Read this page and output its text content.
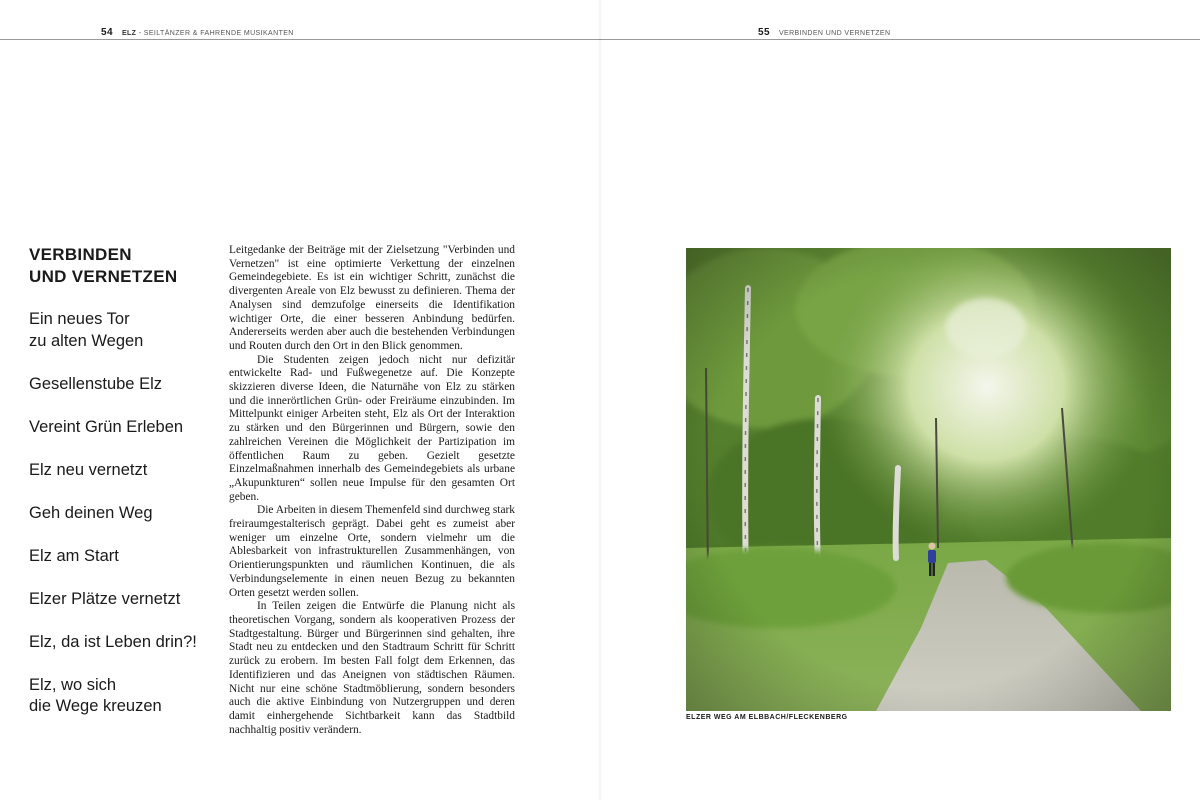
54 ELZ - SEILTÄNZER & FAHRENDE MUSIKANTEN
VERBINDEN
UND VERNETZEN
Ein neues Tor
zu alten Wegen
Gesellenstube Elz
Vereint Grün Erleben
Elz neu vernetzt
Geh deinen Weg
Elz am Start
Elzer Plätze vernetzt
Elz, da ist Leben drin?!
Elz, wo sich
die Wege kreuzen

Leitgedanke der Beiträge mit der Zielsetzung "Verbinden und Vernetzen" ist eine optimierte Verkettung der einzelnen Gemeindegebiete. Es ist ein wichtiger Schritt, zunächst die divergenten Areale von Elz bewusst zu definieren. Thema der Analysen sind demzufolge einerseits die Identifikation wichtiger Orte, die einer besseren Anbindung bedürfen. Andererseits werden aber auch die bestehenden Verbindungen und Routen durch den Ort in den Blick genommen.

Die Studenten zeigen jedoch nicht nur defizitär entwickelte Rad- und Fußwegenetze auf. Die Konzepte skizzieren diverse Ideen, die Naturnähe von Elz zu stärken und die innerörtlichen Grün- oder Freiräume einzubinden. Im Mittelpunkt einiger Arbeiten steht, Elz als Ort der Interaktion zu stärken und den Bürgerinnen und Bürgern, sowie den zahlreichen Vereinen die Möglichkeit der Partizipation im öffentlichen Raum zu geben. Gezielt gesetzte Einzelmaßnahmen innerhalb des Gemeindegebiets als urbane „Akupunkturen“ sollen neue Impulse für den gesamten Ort geben.

Die Arbeiten in diesem Themenfeld sind durchweg stark freiraumgestalterisch geprägt. Dabei geht es zumeist aber weniger um einzelne Orte, sondern vielmehr um die Ablesbarkeit von infrastrukturellen Zusammenhängen, von Orientierungspunkten und räumlichen Kontinuen, die als Verbindungselemente in einen neuen Bezug zu bekannten Orten gesetzt werden sollen.

In Teilen zeigen die Entwürfe die Planung nicht als theoretischen Vorgang, sondern als kooperativen Prozess der Stadtgestaltung. Bürger und Bürgerinnen sind gehalten, ihre Stadt neu zu entdecken und den Stadtraum Schritt für Schritt zurück zu erobern. Im besten Fall folgt dem Erkennen, das Identifizieren und das Aneignen von städtischen Räumen. Nicht nur eine schöne Stadtmöblierung, sondern besonders auch die aktive Einbindung von Nutzergruppen und deren damit einhergehende Sichtbarkeit kann das Stadtbild nachhaltig positiv verändern.

55 VERBINDEN UND VERNETZEN
ELZER WEG AM ELBBACH/FLECKENBERG
